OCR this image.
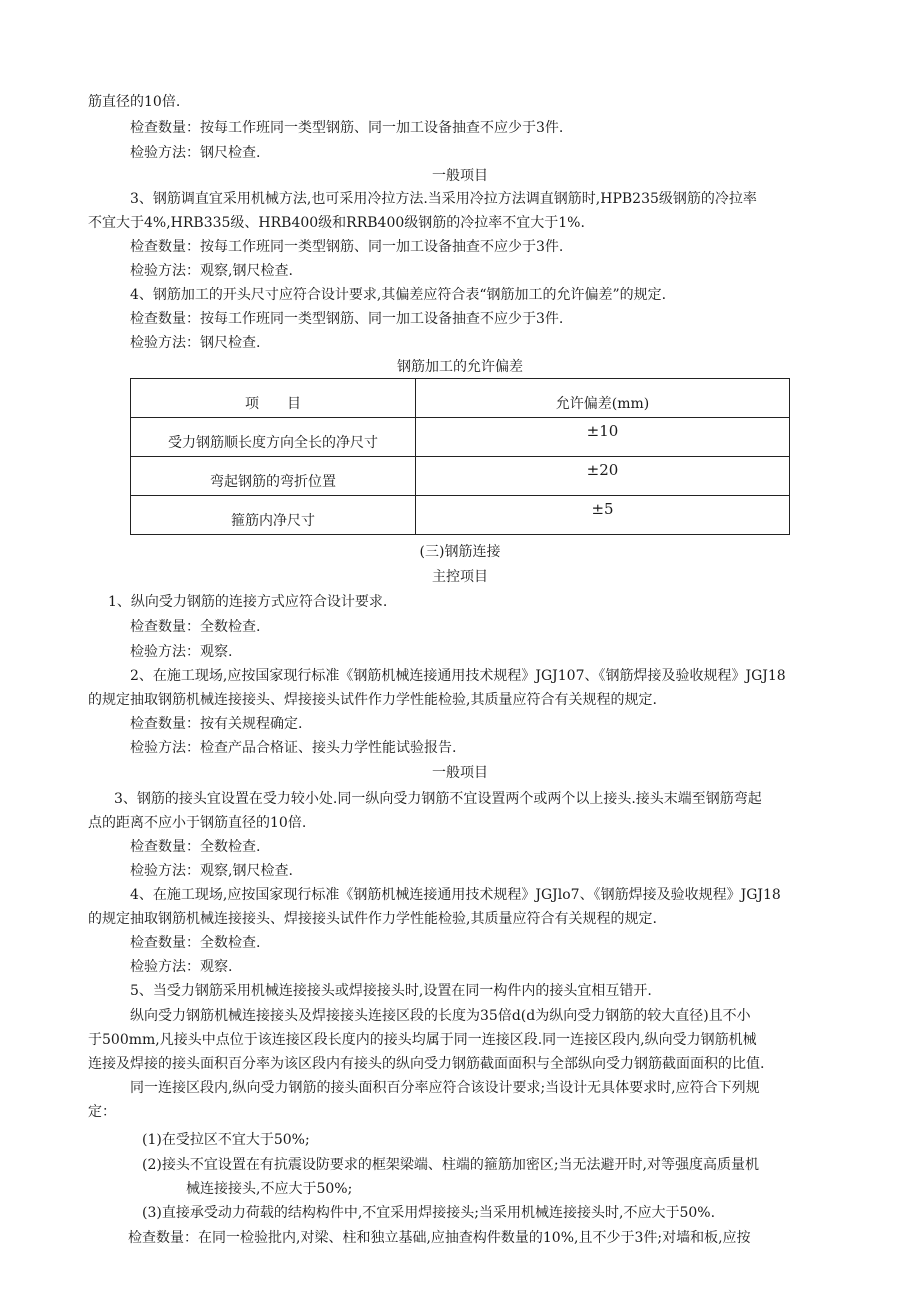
筋直径的10倍.
检查数量：按每工作班同一类型钢筋、同一加工设备抽查不应少于3件.
检验方法：钢尺检查.
一般项目
3、钢筋调直宜采用机械方法,也可采用冷拉方法.当采用冷拉方法调直钢筋时,HPB235级钢筋的冷拉率
不宜大于4%,HRB335级、HRB400级和RRB400级钢筋的冷拉率不宜大于1%.
检查数量：按每工作班同一类型钢筋、同一加工设备抽查不应少于3件.
检验方法：观察,钢尺检查.
4、钢筋加工的开头尺寸应符合设计要求,其偏差应符合表“钢筋加工的允许偏差”的规定.
检查数量：按每工作班同一类型钢筋、同一加工设备抽查不应少于3件.
检验方法：钢尺检查.
钢筋加工的允许偏差
项　　目	允许偏差(mm)
受力钢筋顺长度方向全长的净尺寸	±10
弯起钢筋的弯折位置	±20
箍筋内净尺寸	±5
(三)钢筋连接
主控项目
1、纵向受力钢筋的连接方式应符合设计要求.
检查数量：全数检查.
检验方法：观察.
2、在施工现场,应按国家现行标准《钢筋机械连接通用技术规程》JGJ107、《钢筋焊接及验收规程》JGJ18
的规定抽取钢筋机械连接接头、焊接接头试件作力学性能检验,其质量应符合有关规程的规定.
检查数量：按有关规程确定.
检验方法：检查产品合格证、接头力学性能试验报告.
一般项目
3、钢筋的接头宜设置在受力较小处.同一纵向受力钢筋不宜设置两个或两个以上接头.接头末端至钢筋弯起
点的距离不应小于钢筋直径的10倍.
检查数量：全数检查.
检验方法：观察,钢尺检查.
4、在施工现场,应按国家现行标准《钢筋机械连接通用技术规程》JGJlo7、《钢筋焊接及验收规程》JGJ18
的规定抽取钢筋机械连接接头、焊接接头试件作力学性能检验,其质量应符合有关规程的规定.
检查数量：全数检查.
检验方法：观察.
5、当受力钢筋采用机械连接接头或焊接接头时,设置在同一构件内的接头宜相互错开.
纵向受力钢筋机械连接接头及焊接接头连接区段的长度为35倍d(d为纵向受力钢筋的较大直径)且不小
于500mm,凡接头中点位于该连接区段长度内的接头均属于同一连接区段.同一连接区段内,纵向受力钢筋机械
连接及焊接的接头面积百分率为该区段内有接头的纵向受力钢筋截面面积与全部纵向受力钢筋截面面积的比值.
同一连接区段内,纵向受力钢筋的接头面积百分率应符合该设计要求;当设计无具体要求时,应符合下列规
定：
(1)在受拉区不宜大于50%;
(2)接头不宜设置在有抗震设防要求的框架梁端、柱端的箍筋加密区;当无法避开时,对等强度高质量机
械连接接头,不应大于50%;
(3)直接承受动力荷载的结构构件中,不宜采用焊接接头;当采用机械连接接头时,不应大于50%.
检查数量：在同一检验批内,对梁、柱和独立基础,应抽查构件数量的10%,且不少于3件;对墙和板,应按
